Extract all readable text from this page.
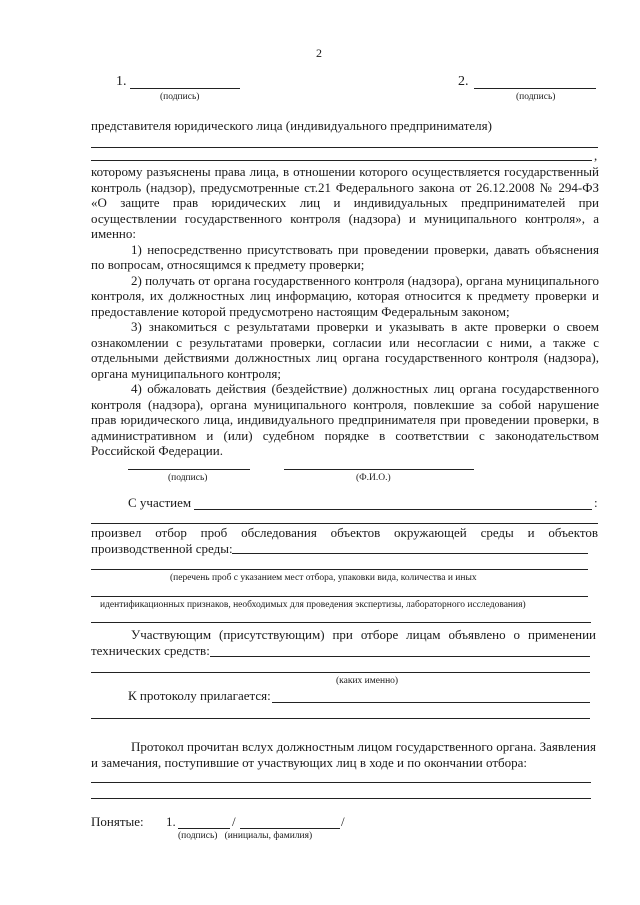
2
1.
(подпись)
2.
(подпись)
представителя юридического лица (индивидуального предпринимателя)
,

которому разъяснены права лица, в отношении которого осуществляется государственный контроль (надзор), предусмотренные ст.21 Федерального закона от 26.12.2008 № 294-ФЗ «О защите прав юридических лиц и индивидуальных предпринимателей при осуществлении государственного контроля (надзора) и муниципального контроля», а именно:

1) непосредственно присутствовать при проведении проверки, давать объяснения по вопросам, относящимся к предмету проверки;

2) получать от органа государственного контроля (надзора), органа муниципального контроля, их должностных лиц информацию, которая относится к предмету проверки и предоставление которой предусмотрено настоящим Федеральным законом;

3) знакомиться с результатами проверки и указывать в акте проверки о своем ознакомлении с результатами проверки, согласии или несогласии с ними, а также с отдельными действиями должностных лиц органа государственного контроля (надзора), органа муниципального контроля;

4) обжаловать действия (бездействие) должностных лиц органа государственного контроля (надзора), органа муниципального контроля, повлекшие за собой нарушение прав юридического лица, индивидуального предпринимателя при проведении проверки, в административном и (или) судебном порядке в соответствии с законодательством Российской Федерации.

(подпись)	(Ф.И.О.)
С участием	:

произвел отбор проб обследования объектов окружающей среды и объектов производственной среды:

(перечень проб с указанием мест отбора, упаковки вида, количества и иных
идентификационных признаков, необходимых для проведения экспертизы, лабораторного исследования)

Участвующим (присутствующим) при отборе лицам объявлено о применении технических средств:

(каких именно)
К протоколу прилагается:

Протокол прочитан вслух должностным лицом государственного органа. Заявления и замечания, поступившие от участвующих лиц в ходе и по окончании отбора:

Понятые: 1.	/	/
(подпись)   (инициалы, фамилия)
